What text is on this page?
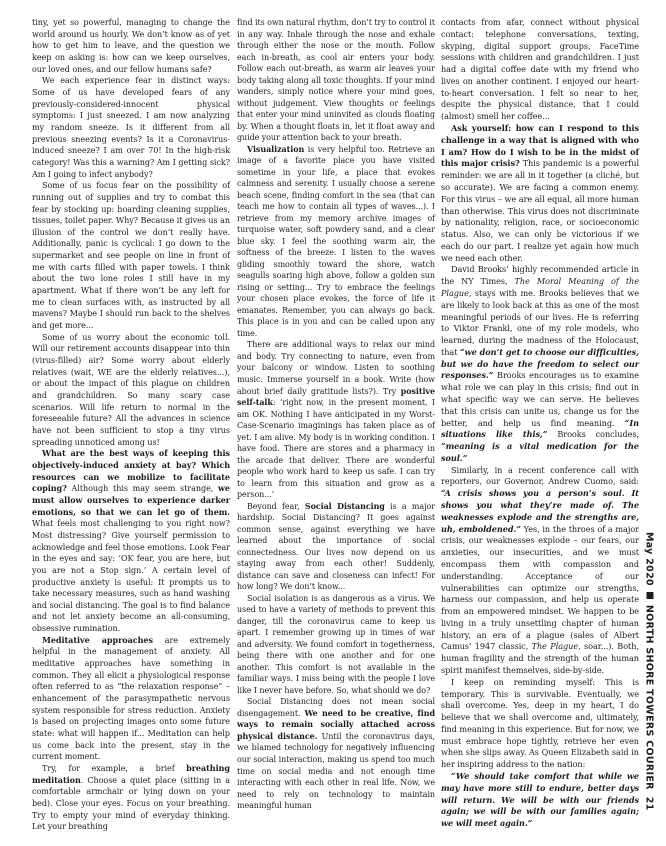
tiny, yet so powerful, managing to change the world around us hourly. We don’t know as of yet how to get him to leave, and the question we keep on asking is: how can we keep ourselves, our loved ones, and our fellow humans safe?

We each experience fear in distinct ways: Some of us have developed fears of any previously-considered-innocent physical symptoms: I just sneezed. I am now analyzing my random sneeze. Is it different from all previous sneezing events? Is it a Coronavirus-induced sneeze? I am over 70! In the high-risk category! Was this a warning? Am I getting sick? Am I going to infect anybody?

Some of us focus fear on the possibility of running out of supplies and try to combat this fear by stocking up: hoarding cleaning supplies, tissues, toilet paper. Why? Because it gives us an illusion of the control we don’t really have. Additionally, panic is cyclical: I go down to the supermarket and see people on line in front of me with carts filled with paper towels. I think about the two lone roles I still have in my apartment. What if there won’t be any left for me to clean surfaces with, as instructed by all mavens? Maybe I should run back to the shelves and get more...

Some of us worry about the economic toll. Will our retirement accounts disappear into thin (virus-filled) air? Some worry about elderly relatives (wait, WE are the elderly relatives...), or about the impact of this plague on children and grandchildren. So many scary case scenarios. Will life return to normal in the foreseeable future? All the advances in science have not been sufficient to stop a tiny virus spreading unnoticed among us!

What are the best ways of keeping this objectively-induced anxiety at bay? Which resources can we mobilize to facilitate coping? Although this may seem strange, we must allow ourselves to experience darker emotions, so that we can let go of them. What feels most challenging to you right now? Most distressing? Give yourself permission to acknowledge and feel those emotions. Look Fear in the eyes and say: ‘OK fear, you are here, but you are not a Stop sign.’ A certain level of productive anxiety is useful: It prompts us to take necessary measures, such as hand washing and social distancing. The goal is to find balance and not let anxiety become an all-consuming, obsessive rumination.

Meditative approaches are extremely helpful in the management of anxiety. All meditative approaches have something in common. They all elicit a physiological response often referred to as “the relaxation response” – enhancement of the parasympathetic nervous system responsible for stress reduction. Anxiety is based on projecting images onto some future state: what will happen if... Meditation can help us come back into the present, stay in the current moment.

Try, for example, a brief breathing meditation. Choose a quiet place (sitting in a comfortable armchair or lying down on your bed). Close your eyes. Focus on your breathing. Try to empty your mind of everyday thinking. Let your breathing

find its own natural rhythm, don’t try to control it in any way. Inhale through the nose and exhale through either the nose or the mouth. Follow each in-breath, as cool air enters your body. Follow each out-breath, as warm air leaves your body taking along all toxic thoughts. If your mind wanders, simply notice where your mind goes, without judgement. View thoughts or feelings that enter your mind uninvited as clouds floating by. When a thought floats in, let it float away and guide your attention back to your breath.

Visualization is very helpful too. Retrieve an image of a favorite place you have visited sometime in your life, a place that evokes calmness and serenity. I usually choose a serene beach scene, finding comfort in the sea (that can teach me how to contain all types of waves...). I retrieve from my memory archive images of turquoise water, soft powdery sand, and a clear blue sky. I feel the soothing warm air, the softness of the breeze. I listen to the waves gliding smoothly toward the shore, watch seagulls soaring high above, follow a golden sun rising or setting... Try to embrace the feelings your chosen place evokes, the force of life it emanates. Remember, you can always go back. This place is in you and can be called upon any time.

There are additional ways to relax our mind and body. Try connecting to nature, even from your balcony or window. Listen to soothing music. Immerse yourself in a book. Write (how about brief daily gratitude lists?). Try positive self-talk: ‘right now, in the present moment, I am OK. Nothing I have anticipated in my Worst-Case-Scenario imaginings has taken place as of yet. I am alive. My body is in working condition. I have food. There are stores and a pharmacy in the arcade that deliver. There are wonderful people who work hard to keep us safe. I can try to learn from this situation and grow as a person...’

Beyond fear, Social Distancing is a major hardship. Social Distancing? It goes against common sense, against everything we have learned about the importance of social connectedness. Our lives now depend on us staying away from each other! Suddenly, distance can save and closeness can infect! For how long? We don’t know...

Social isolation is as dangerous as a virus. We used to have a variety of methods to prevent this danger, till the coronavirus came to keep us apart. I remember growing up in times of war and adversity. We found comfort in togetherness, being there with one another and for one another. This comfort is not available in the familiar ways. I miss being with the people I love like I never have before. So, what should we do?

Social Distancing does not mean social disengagement. We need to be creative, find ways to remain socially attached across physical distance. Until the coronavirus days, we blamed technology for negatively influencing our social interaction, making us spend too much time on social media and not enough time interacting with each other in real life. Now, we need to rely on technology to maintain meaningful human

contacts from afar, connect without physical contact: telephone conversations, texting, skyping, digital support groups, FaceTime sessions with children and grandchildren. I just had a digital coffee date with my friend who lives on another continent. I enjoyed our heart-to-heart conversation. I felt so near to her, despite the physical distance, that I could (almost) smell her coffee...

Ask yourself: how can I respond to this challenge in a way that is aligned with who I am? How do I wish to be in the midst of this major crisis? This pandemic is a powerful reminder: we are all in it together (a cliché, but so accurate). We are facing a common enemy. For this virus – we are all equal, all more human than otherwise. This virus does not discriminate by nationality, religion, race, or socioeconomic status. Also, we can only be victorious if we each do our part. I realize yet again how much we need each other.

David Brooks’ highly recommended article in the NY Times, The Moral Meaning of the Plague, stays with me. Brooks believes that we are likely to look back at this as one of the most meaningful periods of our lives. He is referring to Viktor Frankl, one of my role models, who learned, during the madness of the Holocaust, that “we don’t get to choose our difficulties, but we do have the freedom to select our responses.” Brooks encourages us to examine what role we can play in this crisis; find out in what specific way we can serve. He believes that this crisis can unite us, change us for the better, and help us find meaning. “In situations like this,” Brooks concludes, “meaning is a vital medication for the soul.”

Similarly, in a recent conference call with reporters, our Governor, Andrew Cuomo, said: “A crisis shows you a person’s soul. It shows you what they’re made of. The weaknesses explode and the strengths are, uh, emboldened.” Yes, in the throes of a major crisis, our weaknesses explode – our fears, our anxieties, our insecurities, and we must encompass them with compassion and understanding. Acceptance of our vulnerabilities can optimize our strengths, harness our compassion, and help us operate from an empowered mindset. We happen to be living in a truly unsettling chapter of human history, an era of a plague (sales of Albert Camus’ 1947 classic, The Plague, soar...). Both, human fragility and the strength of the human spirit manifest themselves, side-by-side.

I keep on reminding myself: This is temporary. This is survivable. Eventually, we shall overcome. Yes, deep in my heart, I do believe that we shall overcome and, ultimately, find meaning in this experience. But for now, we must embrace hope tightly, retrieve her even when she slips away. As Queen Elizabeth said in her inspiring address to the nation:

“We should take comfort that while we may have more still to endure, better days will return. We will be with our friends again; we will be with our families again; we will meet again.”

May 2020NORTH SHORE TOWERS COURIER21
